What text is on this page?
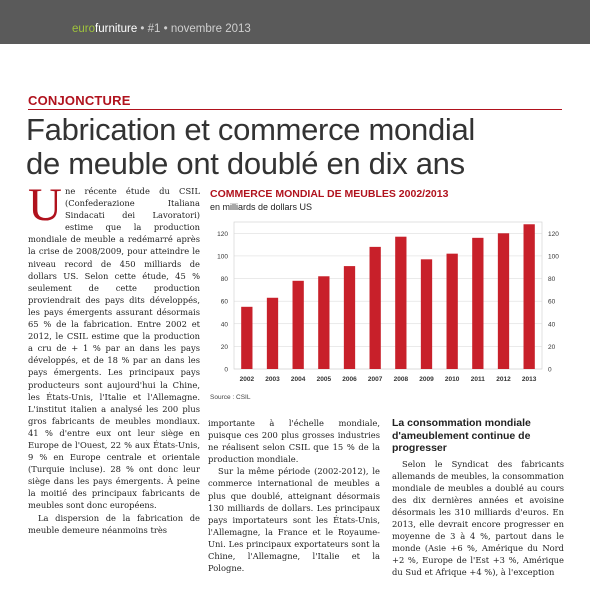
eurofurniture • #1 • novembre 2013
CONJONCTURE
Fabrication et commerce mondial
de meuble ont doublé en dix ans

Une récente étude du CSIL (Confederazione Italiana Sindacati dei Lavoratori) estime que la production mondiale de meuble a redémarré après la crise de 2008/2009, pour atteindre le niveau record de 450 milliards de dollars US. Selon cette étude, 45 % seulement de cette production proviendrait des pays dits développés, les pays émergents assurant désormais 65 % de la fabrication. Entre 2002 et 2012, le CSIL estime que la production a cru de + 1 % par an dans les pays développés, et de 18 % par an dans les pays émergents. Les principaux pays producteurs sont aujourd'hui la Chine, les États-Unis, l'Italie et l'Allemagne. L'institut italien a analysé les 200 plus gros fabricants de meubles mondiaux. 41 % d'entre eux ont leur siège en Europe de l'Ouest, 22 % aux États-Unis, 9 % en Europe centrale et orientale (Turquie incluse). 28 % ont donc leur siège dans les pays émergents. À peine la moitié des principaux fabricants de meubles sont donc européens.

La dispersion de la fabrication de meuble demeure néanmoins très

COMMERCE MONDIAL DE MEUBLES 2002/2013
en milliards de dollars US
0	0
20	20
40	40
60	60
80	80
100	100
120	120
2002 2003 2004 2005 2006 2007 2008 2009 2010 2011 2012 2013
Source : CSIL

importante à l'échelle mondiale, puisque ces 200 plus grosses industries ne réalisent selon CSIL que 15 % de la production mondiale.

Sur la même période (2002-2012), le commerce international de meubles a plus que doublé, atteignant désormais 130 milliards de dollars. Les principaux pays importateurs sont les États-Unis, l'Allemagne, la France et le Royaume-Uni. Les principaux exportateurs sont la Chine, l'Allemagne, l'Italie et la Pologne.

La consommation mondiale d'ameublement continue de progresser

Selon le Syndicat des fabricants allemands de meubles, la consommation mondiale de meubles a doublé au cours des dix dernières années et avoisine désormais les 310 milliards d'euros. En 2013, elle devrait encore progresser en moyenne de 3 à 4 %, partout dans le monde (Asie +6 %, Amérique du Nord +2 %, Europe de l'Est +3 %, Amérique du Sud et Afrique +4 %), à l'exception
